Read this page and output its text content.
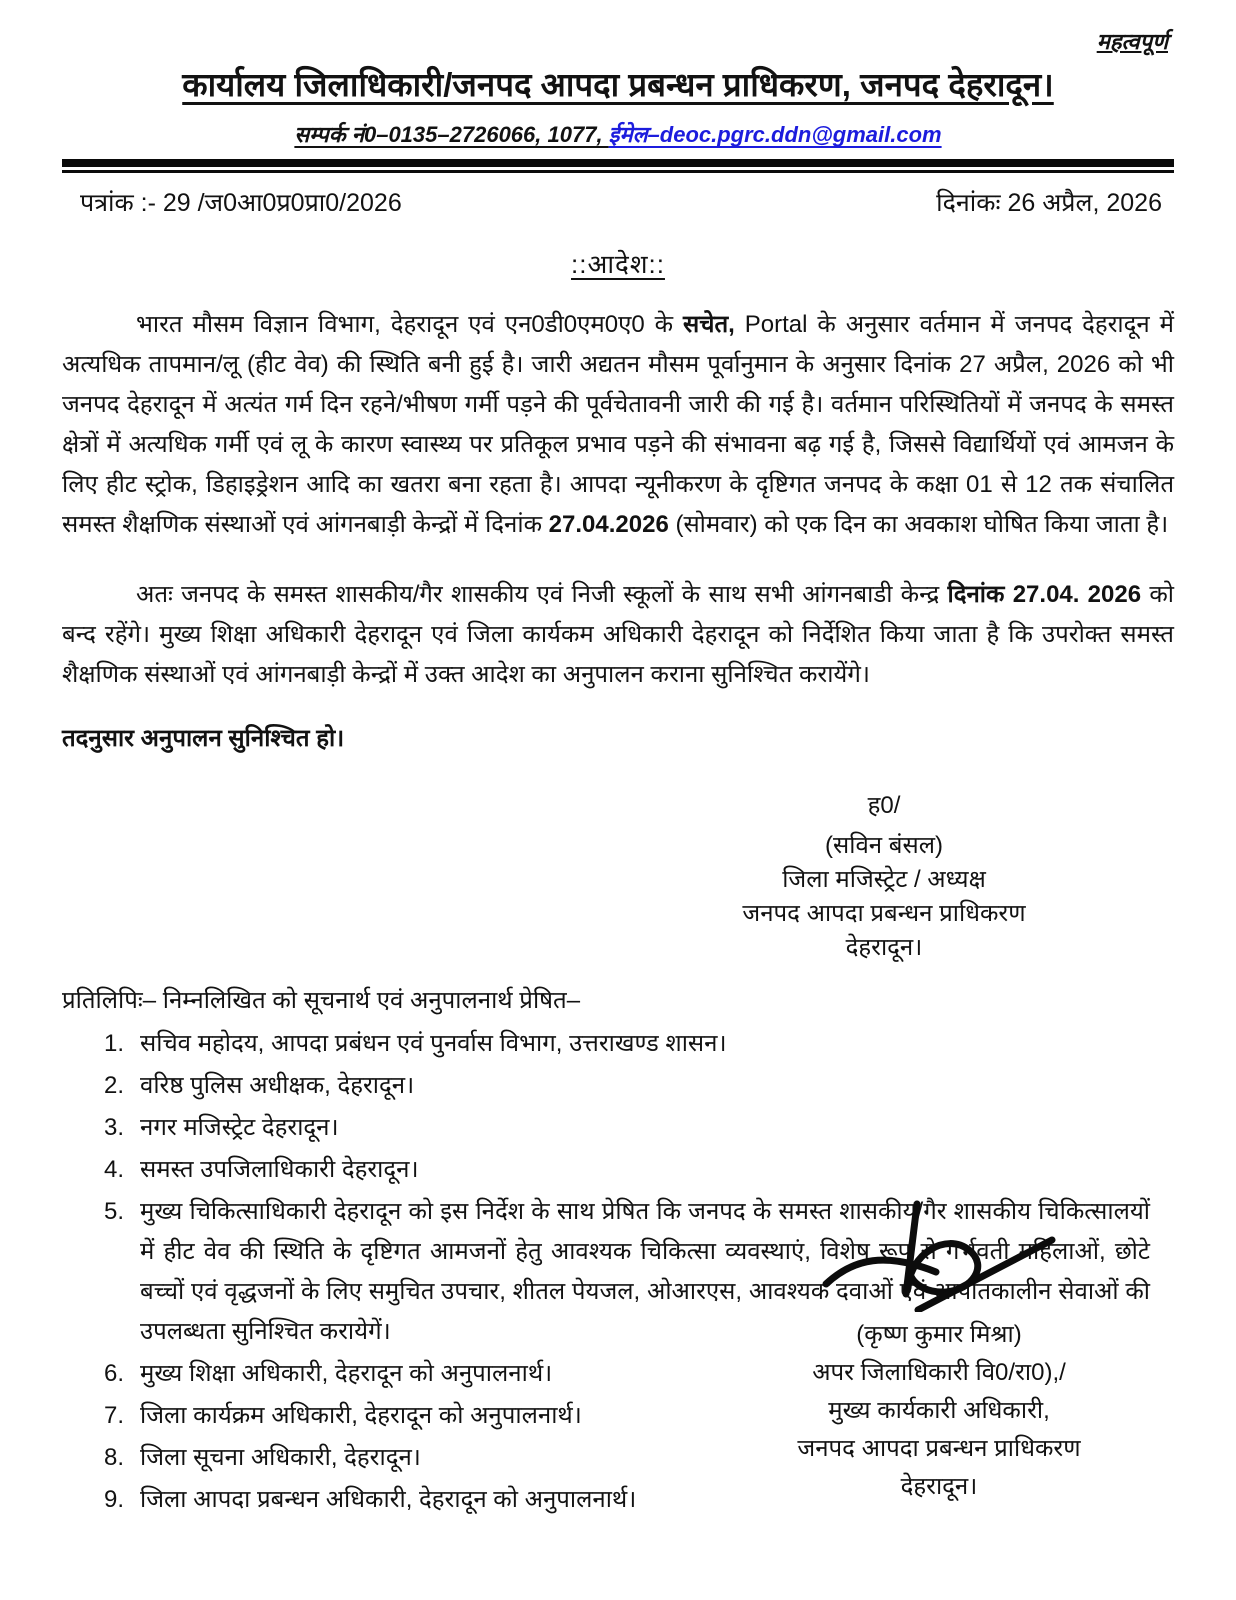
महत्वपूर्ण
कार्यालय जिलाधिकारी/जनपद आपदा प्रबन्धन प्राधिकरण, जनपद देहरादून।
सम्पर्क नं0–0135–2726066, 1077, ईमेल–deoc.pgrc.ddn@gmail.com
पत्रांक :- 29 /ज0आ0प्र0प्रा0/2026	दिनांकः 26 अप्रैल, 2026
::आदेश::

भारत मौसम विज्ञान विभाग, देहरादून एवं एन0डी0एम0ए0 के सचेत, Portal के अनुसार वर्तमान में जनपद देहरादून में अत्यधिक तापमान/लू (हीट वेव) की स्थिति बनी हुई है। जारी अद्यतन मौसम पूर्वानुमान के अनुसार दिनांक 27 अप्रैल, 2026 को भी जनपद देहरादून में अत्यंत गर्म दिन रहने/भीषण गर्मी पड़ने की पूर्वचेतावनी जारी की गई है। वर्तमान परिस्थितियों में जनपद के समस्त क्षेत्रों में अत्यधिक गर्मी एवं लू के कारण स्वास्थ्य पर प्रतिकूल प्रभाव पड़ने की संभावना बढ़ गई है, जिससे विद्यार्थियों एवं आमजन के लिए हीट स्ट्रोक, डिहाइड्रेशन आदि का खतरा बना रहता है। आपदा न्यूनीकरण के दृष्टिगत जनपद के कक्षा 01 से 12 तक संचालित समस्त शैक्षणिक संस्थाओं एवं आंगनबाड़ी केन्द्रों में दिनांक 27.04.2026 (सोमवार) को एक दिन का अवकाश घोषित किया जाता है।

अतः जनपद के समस्त शासकीय/गैर शासकीय एवं निजी स्कूलों के साथ सभी आंगनबाडी केन्द्र दिनांक 27.04. 2026 को बन्द रहेंगे। मुख्य शिक्षा अधिकारी देहरादून एवं जिला कार्यकम अधिकारी देहरादून को निर्देशित किया जाता है कि उपरोक्त समस्त शैक्षणिक संस्थाओं एवं आंगनबाड़ी केन्द्रों में उक्त आदेश का अनुपालन कराना सुनिश्चित करायेंगे।

तदनुसार अनुपालन सुनिश्चित हो।
ह0/
(सविन बंसल)
जिला मजिस्ट्रेट / अध्यक्ष
जनपद आपदा प्रबन्धन प्राधिकरण
देहरादून।
प्रतिलिपिः– निम्नलिखित को सूचनार्थ एवं अनुपालनार्थ प्रेषित–
1. सचिव महोदय, आपदा प्रबंधन एवं पुनर्वास विभाग, उत्तराखण्ड शासन।
2. वरिष्ठ पुलिस अधीक्षक, देहरादून।
3. नगर मजिस्ट्रेट देहरादून।
4. समस्त उपजिलाधिकारी देहरादून।
5. मुख्य चिकित्साधिकारी देहरादून को इस निर्देश के साथ प्रेषित कि जनपद के समस्त शासकीय/गैर शासकीय चिकित्सालयों में हीट वेव की स्थिति के दृष्टिगत आमजनों हेतु आवश्यक चिकित्सा व्यवस्थाएं, विशेष रूप से गर्भवती महिलाओं, छोटे बच्चों एवं वृद्धजनों के लिए समुचित उपचार, शीतल पेयजल, ओआरएस, आवश्यक दवाओं एवं आपातकालीन सेवाओं की उपलब्धता सुनिश्चित करायेगें।
6. मुख्य शिक्षा अधिकारी, देहरादून को अनुपालनार्थ।
7. जिला कार्यक्रम अधिकारी, देहरादून को अनुपालनार्थ।
8. जिला सूचना अधिकारी, देहरादून।
9. जिला आपदा प्रबन्धन अधिकारी, देहरादून को अनुपालनार्थ।
(कृष्ण कुमार मिश्रा)
अपर जिलाधिकारी वि0/रा0),/
मुख्य कार्यकारी अधिकारी,
जनपद आपदा प्रबन्धन प्राधिकरण
देहरादून।
